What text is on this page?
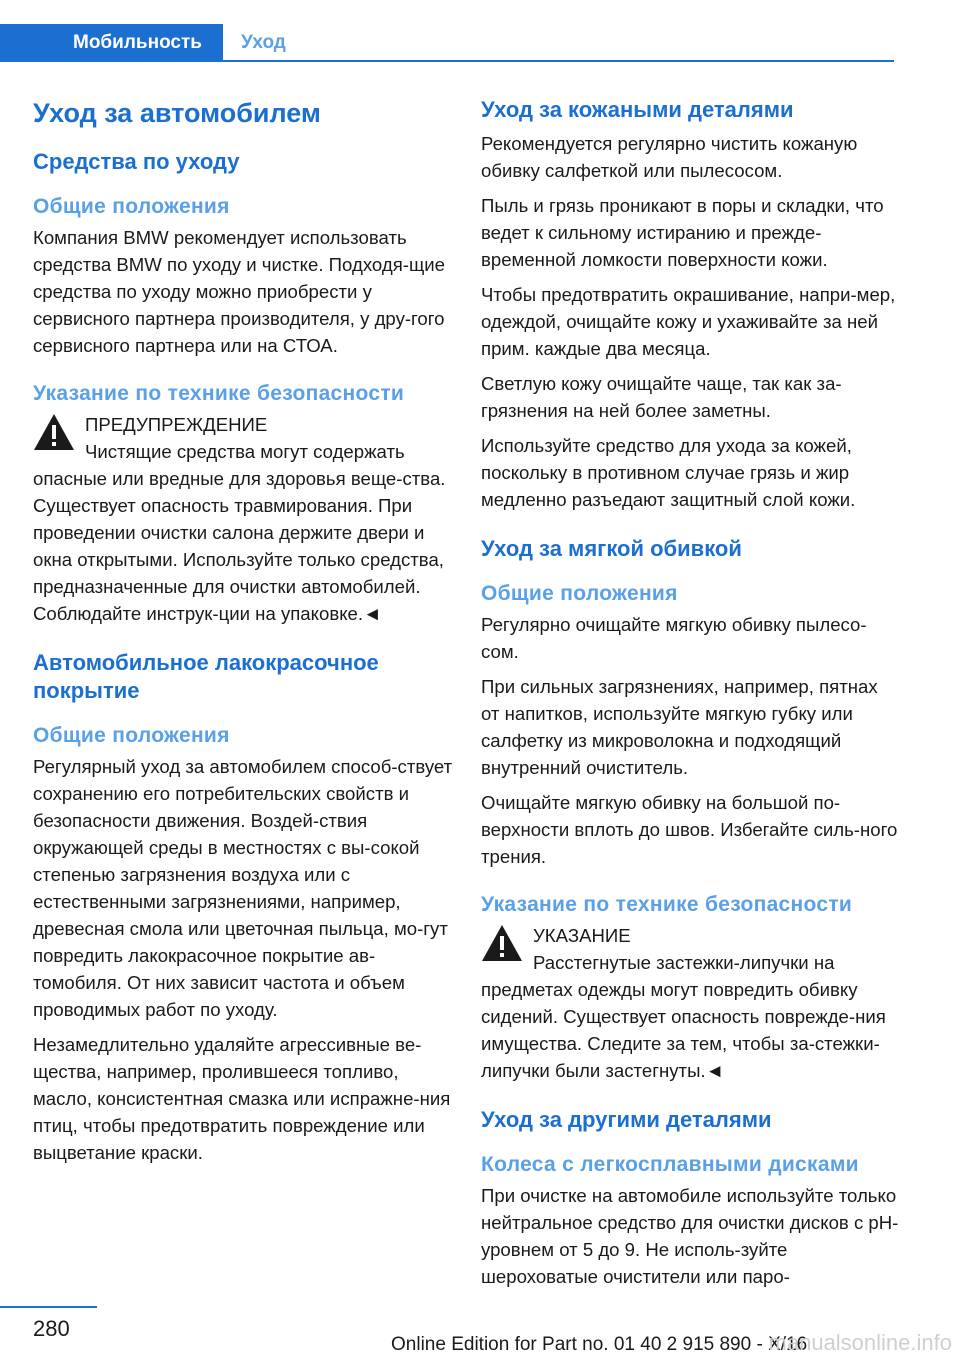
Мобильность	Уход
Уход за автомобилем
Средства по уходу
Общие положения

Компания BMW рекомендует использовать средства BMW по уходу и чистке. Подходя-щие средства по уходу можно приобрести у сервисного партнера производителя, у дру-гого сервисного партнера или на СТОА.

Указание по технике безопасности
ПРЕДУПРЕЖДЕНИЕ
Чистящие средства могут содержать

опасные или вредные для здоровья веще-ства. Существует опасность травмирования. При проведении очистки салона держите двери и окна открытыми. Используйте только средства, предназначенные для очистки автомобилей. Соблюдайте инструк-ции на упаковке.◄

Автомобильное лакокрасочное покрытие
Общие положения

Регулярный уход за автомобилем способ-ствует сохранению его потребительских свойств и безопасности движения. Воздей-ствия окружающей среды в местностях с вы-сокой степенью загрязнения воздуха или с естественными загрязнениями, например, древесная смола или цветочная пыльца, мо-гут повредить лакокрасочное покрытие ав-томобиля. От них зависит частота и объем проводимых работ по уходу.

Незамедлительно удаляйте агрессивные ве-щества, например, пролившееся топливо, масло, консистентная смазка или испражне-ния птиц, чтобы предотвратить повреждение или выцветание краски.

Уход за кожаными деталями

Рекомендуется регулярно чистить кожаную обивку салфеткой или пылесосом.

Пыль и грязь проникают в поры и складки, что ведет к сильному истиранию и прежде-временной ломкости поверхности кожи.

Чтобы предотвратить окрашивание, напри-мер, одеждой, очищайте кожу и ухаживайте за ней прим. каждые два месяца.

Светлую кожу очищайте чаще, так как за-грязнения на ней более заметны.

Используйте средство для ухода за кожей, поскольку в противном случае грязь и жир медленно разъедают защитный слой кожи.

Уход за мягкой обивкой
Общие положения

Регулярно очищайте мягкую обивку пылесо-сом.

При сильных загрязнениях, например, пятнах от напитков, используйте мягкую губку или салфетку из микроволокна и подходящий внутренний очиститель.

Очищайте мягкую обивку на большой по-верхности вплоть до швов. Избегайте силь-ного трения.

Указание по технике безопасности
УКАЗАНИЕ
Расстегнутые застежки-липучки на

предметах одежды могут повредить обивку сидений. Существует опасность поврежде-ния имущества. Следите за тем, чтобы за-стежки-липучки были застегнуты.◄

Уход за другими деталями
Колеса с легкосплавными дисками

При очистке на автомобиле используйте только нейтральное средство для очистки дисков с pH-уровнем от 5 до 9. Не исполь-зуйте шероховатые очистители или паро-

280
Online Edition for Part no. 01 40 2 915 890 - X/16
manualsonline.info
